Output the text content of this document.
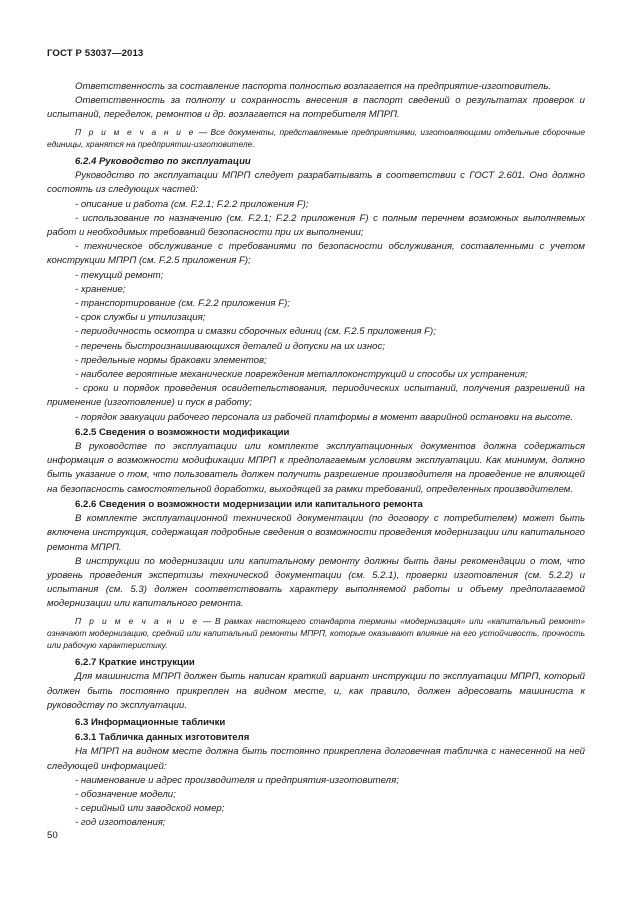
ГОСТ Р 53037—2013

Ответственность за составление паспорта полностью возлагается на предприятие-изготовитель.

Ответственность за полноту и сохранность внесения в паспорт сведений о результатах проверок и испытаний, переделок, ремонтов и др. возлагается на потребителя МПРП.

П р и м е ч а н и е — Все документы, представляемые предприятиями, изготовляющими отдельные сборочные единицы, хранятся на предприятии-изготовителе.

6.2.4 Руководство по эксплуатации

Руководство по эксплуатации МПРП следует разрабатывать в соответствии с ГОСТ 2.601. Оно должно состоять из следующих частей:

- описание и работа (см. F.2.1; F.2.2 приложения F);

- использование по назначению (см. F.2.1; F.2.2 приложения F) с полным перечнем возможных выполняемых работ и необходимых требований безопасности при их выполнении;

- техническое обслуживание с требованиями по безопасности обслуживания, составленными с учетом конструкции МПРП (см. F.2.5 приложения F);

- текущий ремонт;

- хранение;

- транспортирование (см. F.2.2 приложения F);

- срок службы и утилизация;

- периодичность осмотра и смазки сборочных единиц (см. F.2.5 приложения F);

- перечень быстроизнашивающихся деталей и допуски на их износ;

- предельные нормы браковки элементов;

- наиболее вероятные механические повреждения металлоконструкций и способы их устранения;

- сроки и порядок проведения освидетельствования, периодических испытаний, получения разрешений на применение (изготовление) и пуск в работу;

- порядок эвакуации рабочего персонала из рабочей платформы в момент аварийной остановки на высоте.

6.2.5 Сведения о возможности модификации

В руководстве по эксплуатации или комплекте эксплуатационных документов должна содержаться информация о возможности модификации МПРП к предполагаемым условиям эксплуатации. Как минимум, должно быть указание о том, что пользователь должен получить разрешение производителя на проведение не влияющей на безопасность самостоятельной доработки, выходящей за рамки требований, определенных производителем.

6.2.6 Сведения о возможности модернизации или капитального ремонта

В комплекте эксплуатационной технической документации (по договору с потребителем) может быть включена инструкция, содержащая подробные сведения о возможности проведения модернизации или капитального ремонта МПРП.

В инструкции по модернизации или капитальному ремонту должны быть даны рекомендации о том, что уровень проведения экспертизы технической документации (см. 5.2.1), проверки изготовления (см. 5.2.2) и испытания (см. 5.3) должен соответствовать характеру выполняемой работы и объему предполагаемой модернизации или капитального ремонта.

П р и м е ч а н и е — В рамках настоящего стандарта термины «модернизация» или «капитальный ремонт» означают модернизацию, средний или капитальный ремонты МПРП, которые оказывают влияние на его устойчивость, прочность или рабочую характеристику.

6.2.7 Краткие инструкции

Для машиниста МПРП должен быть написан краткий вариант инструкции по эксплуатации МПРП, который должен быть постоянно прикреплен на видном месте, и, как правило, должен адресовать машиниста к руководству по эксплуатации.

6.3 Информационные таблички

6.3.1 Табличка данных изготовителя

На МПРП на видном месте должна быть постоянно прикреплена долговечная табличка с нанесенной на ней следующей информацией:

- наименование и адрес производителя и предприятия-изготовителя;

- обозначение модели;

- серийный или заводской номер;

- год изготовления;

50
